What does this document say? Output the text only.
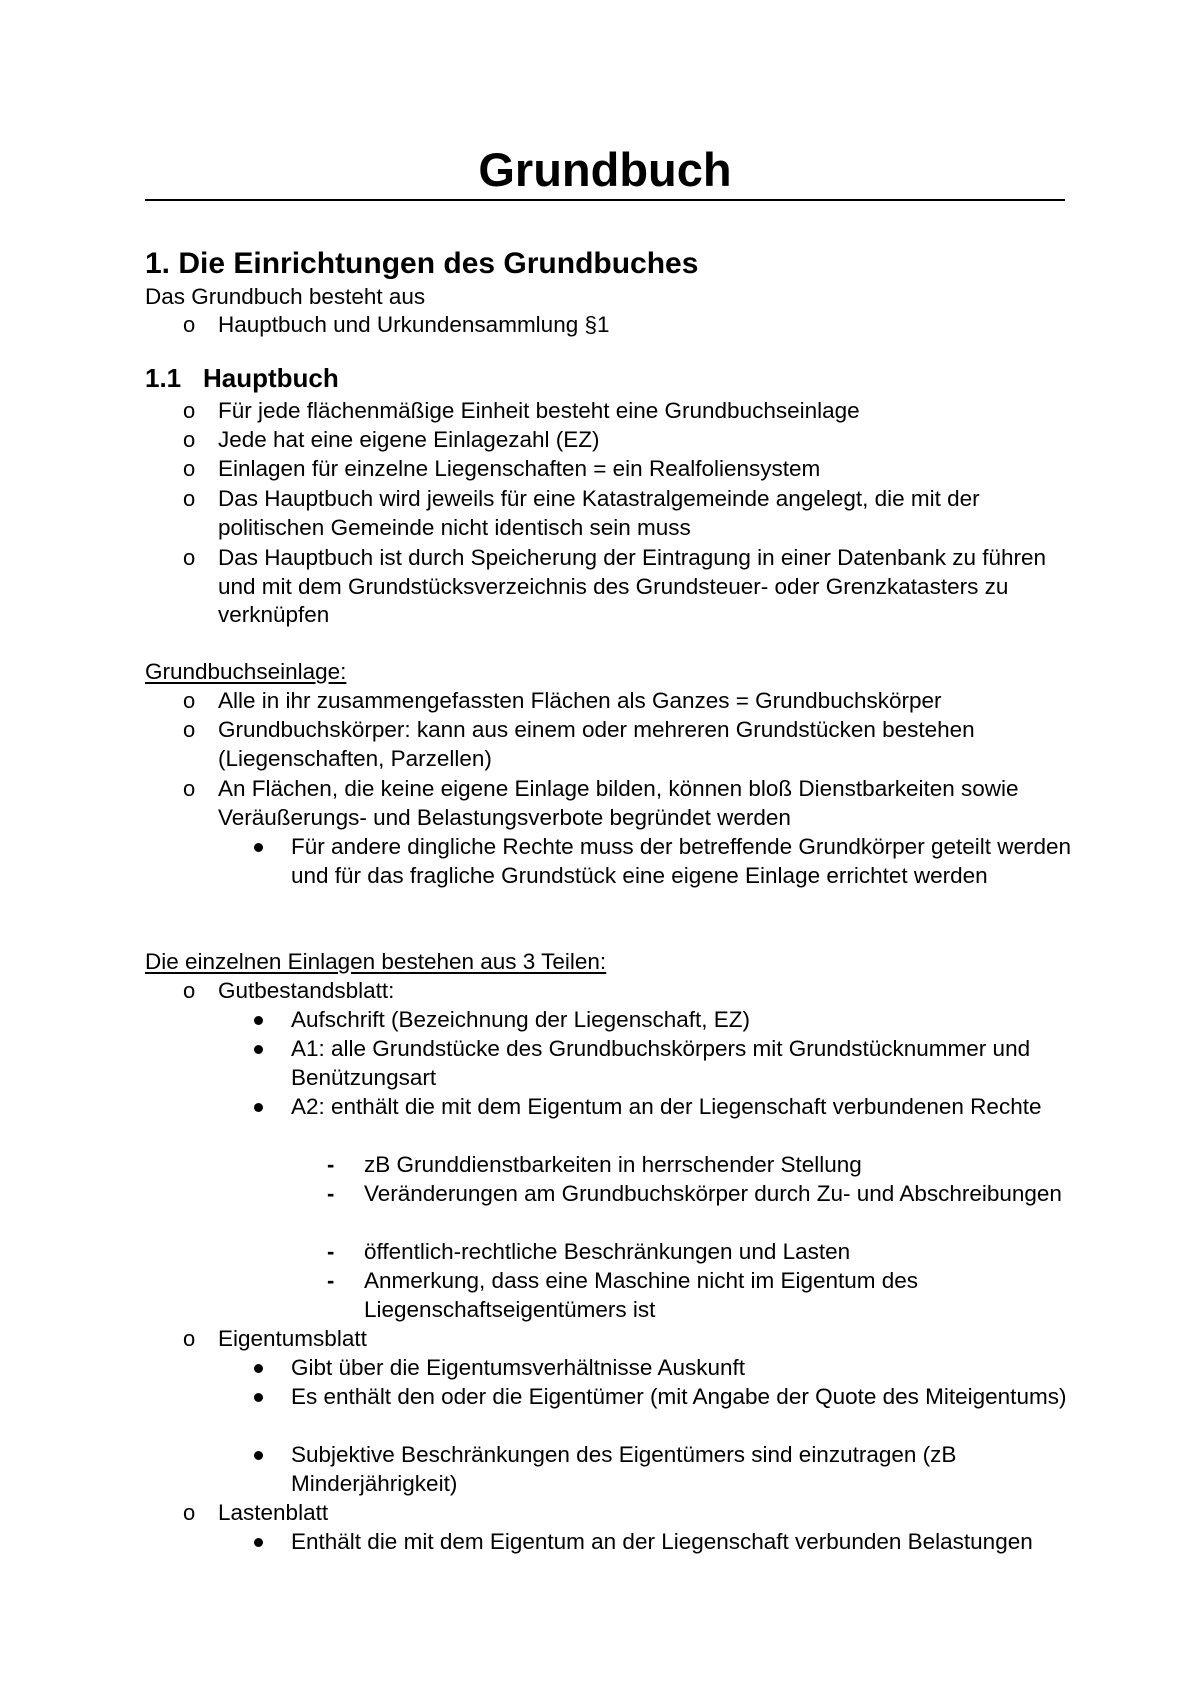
Grundbuch
1. Die Einrichtungen des Grundbuches

Das Grundbuch besteht aus

o Hauptbuch und Urkundensammlung §1

1.1 Hauptbuch
o Für jede flächenmäßige Einheit besteht eine Grundbuchseinlage

o Jede hat eine eigene Einlagezahl (EZ)

o Einlagen für einzelne Liegenschaften = ein Realfoliensystem

o Das Hauptbuch wird jeweils für eine Katastralgemeinde angelegt, die mit der politischen Gemeinde nicht identisch sein muss

o Das Hauptbuch ist durch Speicherung der Eintragung in einer Datenbank zu führen und mit dem Grundstücksverzeichnis des Grundsteuer- oder Grenzkatasters zu verknüpfen

Grundbuchseinlage:

o Alle in ihr zusammengefassten Flächen als Ganzes = Grundbuchskörper

o Grundbuchskörper: kann aus einem oder mehreren Grundstücken bestehen (Liegenschaften, Parzellen)

o An Flächen, die keine eigene Einlage bilden, können bloß Dienstbarkeiten sowie Veräußerungs- und Belastungsverbote begründet werden

Für andere dingliche Rechte muss der betreffende Grundkörper geteilt werden und für das fragliche Grundstück eine eigene Einlage errichtet werden

Die einzelnen Einlagen bestehen aus 3 Teilen:

o Gutbestandsblatt:

Aufschrift (Bezeichnung der Liegenschaft, EZ)

A1: alle Grundstücke des Grundbuchskörpers mit Grundstücknummer und Benützungsart

A2: enthält die mit dem Eigentum an der Liegenschaft verbundenen Rechte

- zB Grunddienstbarkeiten in herrschender Stellung

- Veränderungen am Grundbuchskörper durch Zu- und Abschreibungen

- öffentlich-rechtliche Beschränkungen und Lasten

- Anmerkung, dass eine Maschine nicht im Eigentum des Liegenschaftseigentümers ist

o Eigentumsblatt

Gibt über die Eigentumsverhältnisse Auskunft

Es enthält den oder die Eigentümer (mit Angabe der Quote des Miteigentums)

Subjektive Beschränkungen des Eigentümers sind einzutragen (zB Minderjährigkeit)

o Lastenblatt

Enthält die mit dem Eigentum an der Liegenschaft verbunden Belastungen
